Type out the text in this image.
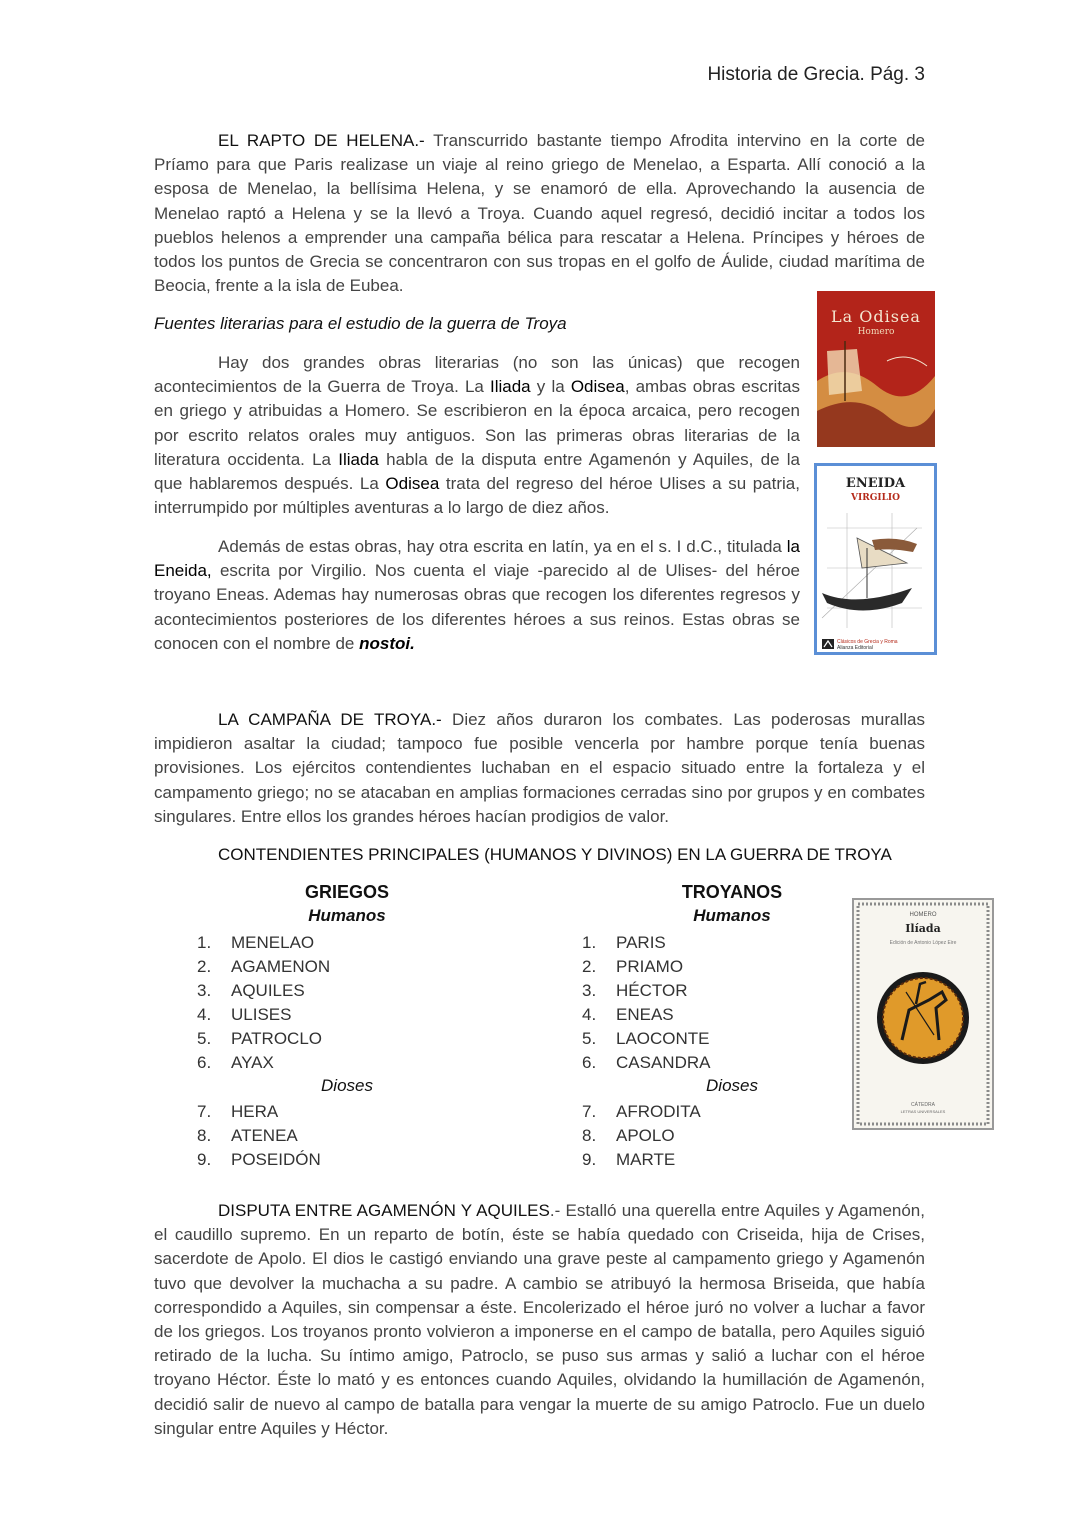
Historia de Grecia. Pág. 3
EL RAPTO DE HELENA.- Transcurrido bastante tiempo Afrodita intervino en la corte de Príamo para que Paris realizase un viaje al reino griego de Menelao, a Esparta. Allí conoció a la esposa de Menelao, la bellísima Helena, y se enamoró de ella. Aprovechando la ausencia de Menelao raptó a Helena y se la llevó a Troya. Cuando aquel regresó, decidió incitar a todos los pueblos helenos a emprender una campaña bélica para rescatar a Helena. Príncipes y héroes de todos los puntos de Grecia se concentraron con sus tropas en el golfo de Áulide, ciudad marítima de Beocia, frente a la isla de Eubea.
Fuentes literarias para el estudio de la guerra de Troya
Hay dos grandes obras literarias (no son las únicas) que recogen acontecimientos de la Guerra de Troya. La Iliada y la Odisea, ambas obras escritas en griego y atribuidas a Homero. Se escribieron en la época arcaica, pero recogen por escrito relatos orales muy antiguos. Son las primeras obras literarias de la literatura occidenta. La Iliada habla de la disputa entre Agamenón y Aquiles, de la que hablaremos después. La Odisea trata del regreso del héroe Ulises a su patria, interrumpido por múltiples aventuras a lo largo de diez años.
Además de estas obras, hay otra escrita en latín, ya en el s. I d.C., titulada la Eneida, escrita por Virgilio. Nos cuenta el viaje -parecido al de Ulises- del héroe troyano Eneas. Ademas hay numerosas obras que recogen los diferentes regresos y acontecimientos posteriores de los diferentes héroes a sus reinos. Estas obras se conocen con el nombre de nostoi.
La Odisea
Homero
ENEIDA
VIRGILIO
Clásicos de Grecia y Roma
Alianza Editorial
LA CAMPAÑA DE TROYA.- Diez años duraron los combates. Las poderosas murallas impidieron asaltar la ciudad; tampoco fue posible vencerla por hambre porque tenía buenas provisiones. Los ejércitos contendientes luchaban en el espacio situado entre la fortaleza y el campamento griego; no se atacaban en amplias formaciones cerradas sino por grupos y en combates singulares. Entre ellos los grandes héroes hacían prodigios de valor.
CONTENDIENTES PRINCIPALES (HUMANOS Y DIVINOS) EN LA GUERRA DE TROYA
GRIEGOS
Humanos
1. MENELAO
2. AGAMENON
3. AQUILES
4. ULISES
5. PATROCLO
6. AYAX
Dioses
7. HERA
8. ATENEA
9. POSEIDÓN
TROYANOS
Humanos
1. PARIS
2. PRIAMO
3. HÉCTOR
4. ENEAS
5. LAOCONTE
6. CASANDRA
Dioses
7. AFRODITA
8. APOLO
9. MARTE
HOMERO
Ilíada
Edición de Antonio López Eire
CÁTEDRA
LETRAS UNIVERSALES
DISPUTA ENTRE AGAMENÓN Y AQUILES.- Estalló una querella entre Aquiles y Agamenón, el caudillo supremo. En un reparto de botín, éste se había quedado con Criseida, hija de Crises, sacerdote de Apolo. El dios le castigó enviando una grave peste al campamento griego y Agamenón tuvo que devolver la muchacha a su padre. A cambio se atribuyó la hermosa Briseida, que había correspondido a Aquiles, sin compensar a éste. Encolerizado el héroe juró no volver a luchar a favor de los griegos. Los troyanos pronto volvieron a imponerse en el campo de batalla, pero Aquiles siguió retirado de la lucha. Su íntimo amigo, Patroclo, se puso sus armas y salió a luchar con el héroe troyano Héctor. Éste lo mató y es entonces cuando Aquiles, olvidando la humillación de Agamenón, decidió salir de nuevo al campo de batalla para vengar la muerte de su amigo Patroclo. Fue un duelo singular entre Aquiles y Héctor.
